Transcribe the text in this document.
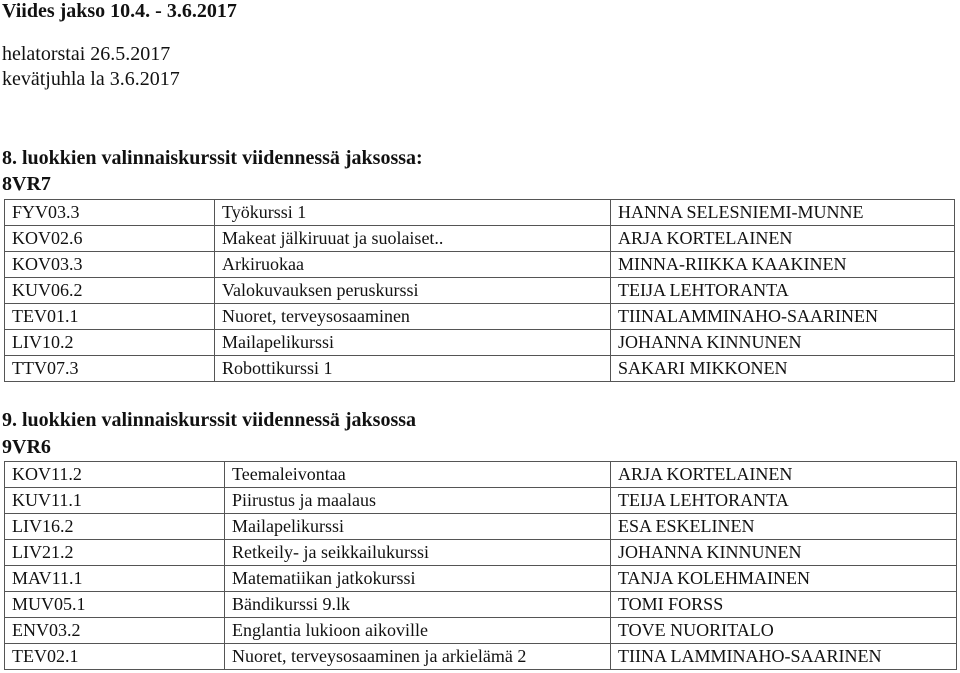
Viides jakso 10.4. - 3.6.2017
helatorstai 26.5.2017
kevätjuhla la 3.6.2017
8. luokkien valinnaiskurssit viidennessä jaksossa:
8VR7
FYV03.3	Työkurssi 1	HANNA SELESNIEMI-MUNNE
KOV02.6	Makeat jälkiruuat ja suolaiset..	ARJA KORTELAINEN
KOV03.3	Arkiruokaa	MINNA-RIIKKA KAAKINEN
KUV06.2	Valokuvauksen peruskurssi	TEIJA LEHTORANTA
TEV01.1	Nuoret, terveysosaaminen	TIINALAMMINAHO-SAARINEN
LIV10.2	Mailapelikurssi	JOHANNA KINNUNEN
TTV07.3	Robottikurssi 1	SAKARI MIKKONEN
9. luokkien valinnaiskurssit viidennessä jaksossa
9VR6
KOV11.2	Teemaleivontaa	ARJA KORTELAINEN
KUV11.1	Piirustus ja maalaus	TEIJA LEHTORANTA
LIV16.2	Mailapelikurssi	ESA ESKELINEN
LIV21.2	Retkeily- ja seikkailukurssi	JOHANNA KINNUNEN
MAV11.1	Matematiikan jatkokurssi	TANJA KOLEHMAINEN
MUV05.1	Bändikurssi 9.lk	TOMI FORSS
ENV03.2	Englantia lukioon aikoville	TOVE NUORITALO
TEV02.1	Nuoret, terveysosaaminen ja arkielämä 2	TIINA LAMMINAHO-SAARINEN
